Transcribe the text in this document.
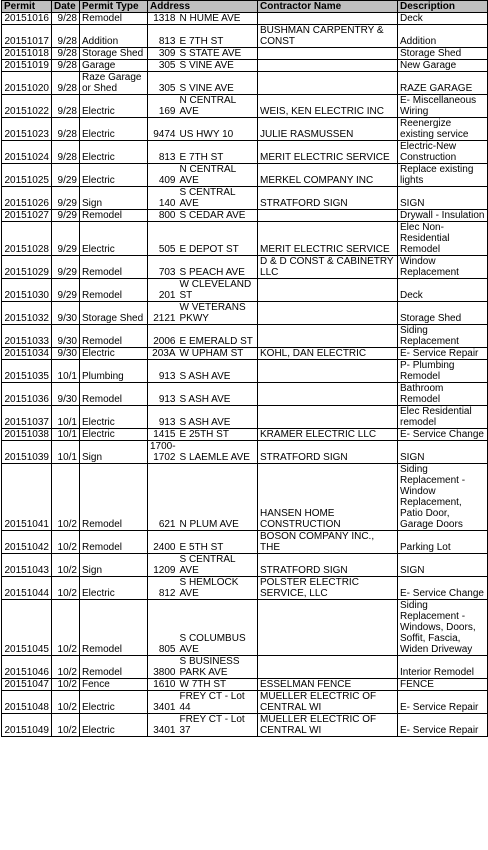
Permit	Date	Permit Type	Address		Contractor Name	Description
20151016	9/28	Remodel	1318	N HUME AVE		Deck
20151017	9/28	Addition	813	E 7TH ST	BUSHMAN CARPENTRY & CONST	Addition
20151018	9/28	Storage Shed	309	S STATE AVE		Storage Shed
20151019	9/28	Garage	305	S VINE AVE		New Garage
20151020	9/28	Raze Garage or Shed	305	S VINE AVE		RAZE GARAGE
20151022	9/28	Electric	169	N CENTRAL AVE	WEIS, KEN ELECTRIC INC	E- Miscellaneous Wiring
20151023	9/28	Electric	9474	US HWY 10	JULIE RASMUSSEN	Reenergize existing service
20151024	9/28	Electric	813	E 7TH ST	MERIT ELECTRIC SERVICE	Electric-New Construction
20151025	9/29	Electric	409	N CENTRAL AVE	MERKEL COMPANY INC	Replace existing lights
20151026	9/29	Sign	140	S CENTRAL AVE	STRATFORD SIGN	SIGN
20151027	9/29	Remodel	800	S CEDAR AVE		Drywall - Insulation
20151028	9/29	Electric	505	E DEPOT ST	MERIT ELECTRIC SERVICE	Elec Non-Residential Remodel
20151029	9/29	Remodel	703	S PEACH AVE	D & D CONST & CABINETRY LLC	Window Replacement
20151030	9/29	Remodel	201	W CLEVELAND ST		Deck
20151032	9/30	Storage Shed	2121	W VETERANS PKWY		Storage Shed
20151033	9/30	Remodel	2006	E EMERALD ST		Siding Replacement
20151034	9/30	Electric	203A	W UPHAM ST	KOHL, DAN ELECTRIC	E- Service Repair
20151035	10/1	Plumbing	913	S ASH AVE		P- Plumbing Remodel
20151036	9/30	Remodel	913	S ASH AVE		Bathroom Remodel
20151037	10/1	Electric	913	S ASH AVE		Elec Residential remodel
20151038	10/1	Electric	1415	E 25TH ST	KRAMER ELECTRIC LLC	E- Service Change
20151039	10/1	Sign	1700-1702	S LAEMLE AVE	STRATFORD SIGN	SIGN
20151041	10/2	Remodel	621	N PLUM AVE	HANSEN HOME CONSTRUCTION	Siding Replacement - Window Replacement, Patio Door, Garage Doors
20151042	10/2	Remodel	2400	E 5TH ST	BOSON COMPANY INC., THE	Parking Lot
20151043	10/2	Sign	1209	S CENTRAL AVE	STRATFORD SIGN	SIGN
20151044	10/2	Electric	812	S HEMLOCK AVE	POLSTER ELECTRIC SERVICE, LLC	E- Service Change
20151045	10/2	Remodel	805	S COLUMBUS AVE		Siding Replacement - Windows, Doors, Soffit, Fascia, Widen Driveway
20151046	10/2	Remodel	3800	S BUSINESS PARK AVE		Interior Remodel
20151047	10/2	Fence	1610	W 7TH ST	ESSELMAN FENCE	FENCE
20151048	10/2	Electric	3401	FREY CT - Lot 44	MUELLER ELECTRIC OF CENTRAL WI	E- Service Repair
20151049	10/2	Electric	3401	FREY CT - Lot 37	MUELLER ELECTRIC OF CENTRAL WI	E- Service Repair
